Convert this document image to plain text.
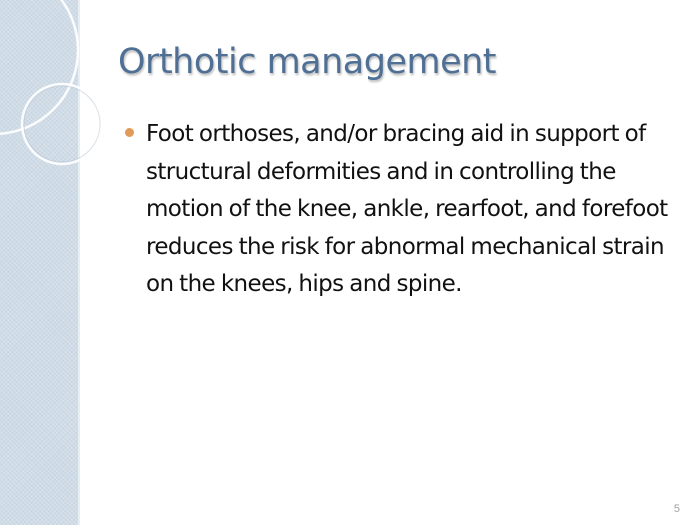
Orthotic management
Foot orthoses, and/or bracing aid in support of structural deformities and in controlling the motion of the knee, ankle, rearfoot, and forefoot reduces the risk for abnormal mechanical strain on the knees, hips and spine.
5
